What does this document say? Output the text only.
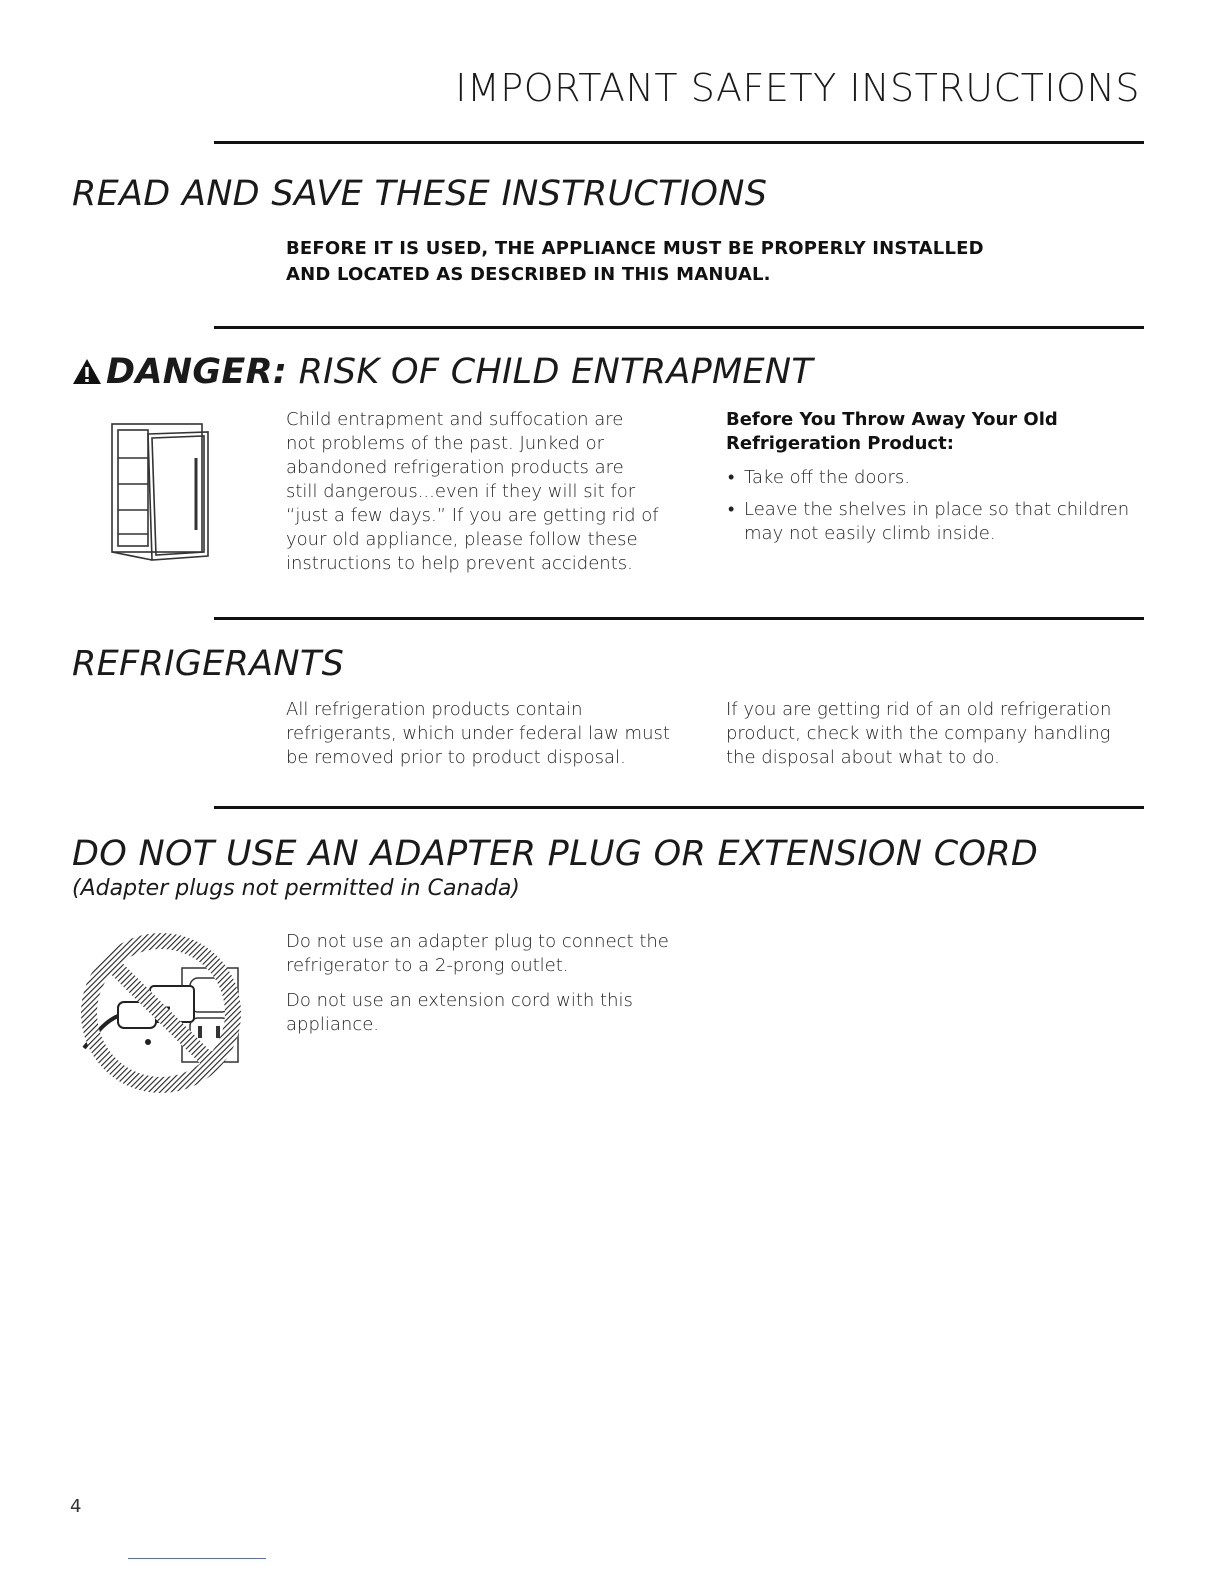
IMPORTANT SAFETY INSTRUCTIONS
READ AND SAVE THESE INSTRUCTIONS
BEFORE IT IS USED, THE APPLIANCE MUST BE PROPERLY INSTALLED
AND LOCATED AS DESCRIBED IN THIS MANUAL.
DANGER: RISK OF CHILD ENTRAPMENT
Child entrapment and suffocation are
not problems of the past. Junked or
abandoned refrigeration products are
still dangerous...even if they will sit for
“just a few days.” If you are getting rid of
your old appliance, please follow these
instructions to help prevent accidents.
Before You Throw Away Your Old
Refrigeration Product:
• Take off the doors.
• Leave the shelves in place so that children may not easily climb inside.
REFRIGERANTS
All refrigeration products contain
refrigerants, which under federal law must
be removed prior to product disposal.
If you are getting rid of an old refrigeration
product, check with the company handling
the disposal about what to do.
DO NOT USE AN ADAPTER PLUG OR EXTENSION CORD
(Adapter plugs not permitted in Canada)
Do not use an adapter plug to connect the
refrigerator to a 2-prong outlet.
Do not use an extension cord with this
appliance.
4
